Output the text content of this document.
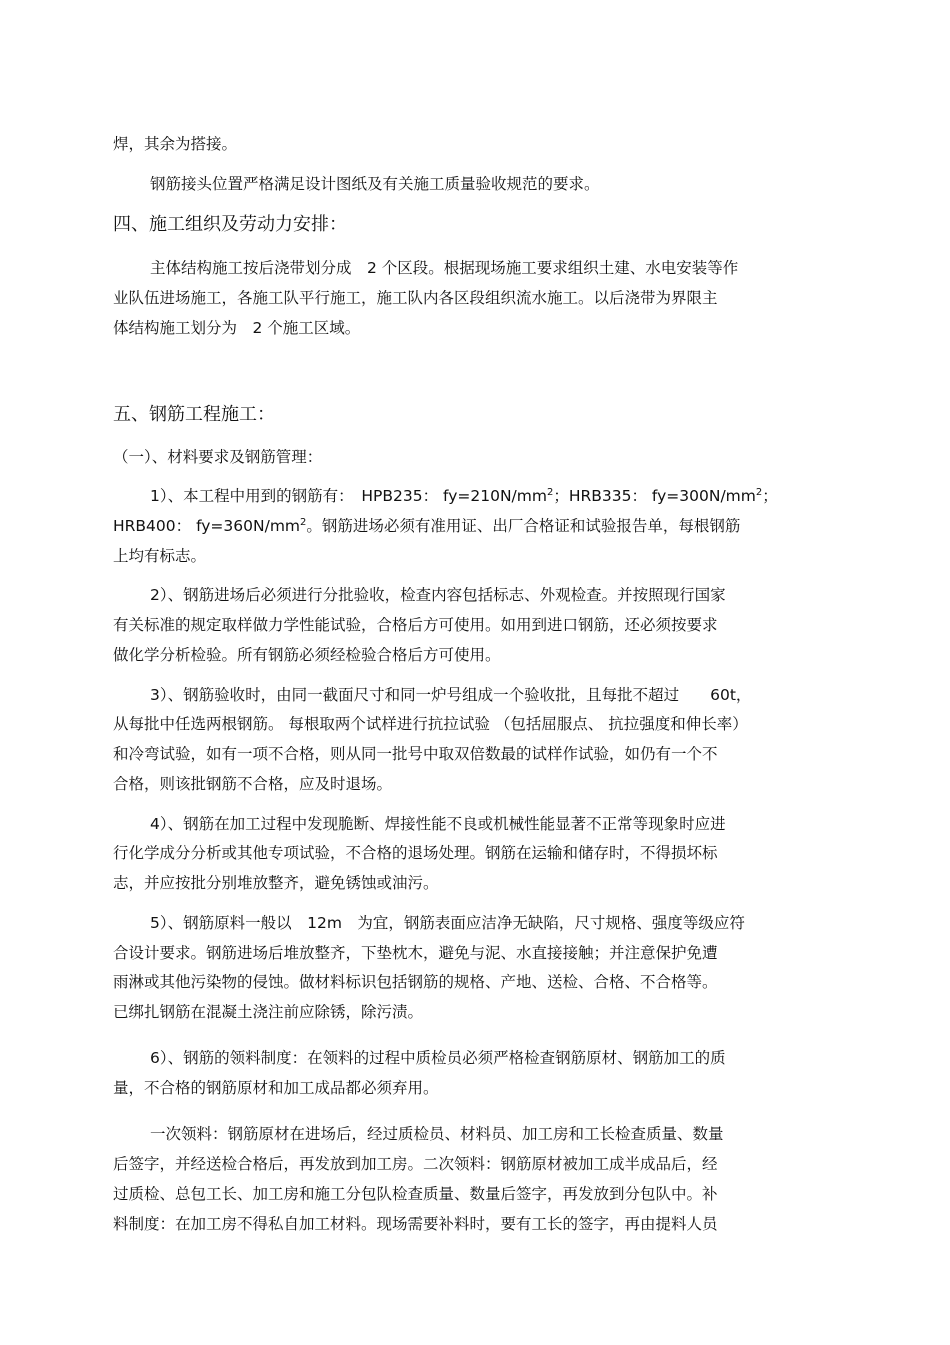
焊，其余为搭接。
钢筋接头位置严格满足设计图纸及有关施工质量验收规范的要求。
四、施工组织及劳动力安排：
主体结构施工按后浇带划分成　2 个区段。根据现场施工要求组织土建、水电安装等作
业队伍进场施工，各施工队平行施工，施工队内各区段组织流水施工。以后浇带为界限主
体结构施工划分为　2 个施工区域。
五、钢筋工程施工：
（一）、材料要求及钢筋管理：
1）、本工程中用到的钢筋有：　HPB235： $fy=210N/mm^2$；HRB335： $fy=300N/mm^2$；
HRB400： $fy=360N/mm^2$。钢筋进场必须有准用证、出厂合格证和试验报告单，每根钢筋
上均有标志。
2）、钢筋进场后必须进行分批验收，检查内容包括标志、外观检查。并按照现行国家
有关标准的规定取样做力学性能试验，合格后方可使用。如用到进口钢筋，还必须按要求
做化学分析检验。所有钢筋必须经检验合格后方可使用。
3）、钢筋验收时，由同一截面尺寸和同一炉号组成一个验收批，且每批不超过　　60t，
从每批中任选两根钢筋。 每根取两个试样进行抗拉试验 （包括屈服点、 抗拉强度和伸长率）
和冷弯试验，如有一项不合格，则从同一批号中取双倍数最的试样作试验，如仍有一个不
合格，则该批钢筋不合格，应及时退场。
4）、钢筋在加工过程中发现脆断、焊接性能不良或机械性能显著不正常等现象时应进
行化学成分分析或其他专项试验，不合格的退场处理。钢筋在运输和储存时，不得损坏标
志，并应按批分别堆放整齐，避免锈蚀或油污。
5）、钢筋原料一般以　12m　为宜，钢筋表面应洁净无缺陷，尺寸规格、强度等级应符
合设计要求。钢筋进场后堆放整齐，下垫枕木，避免与泥、水直接接触；并注意保护免遭
雨淋或其他污染物的侵蚀。做材料标识包括钢筋的规格、产地、送检、合格、不合格等。
已绑扎钢筋在混凝土浇注前应除锈，除污渍。
6）、钢筋的领料制度：在领料的过程中质检员必须严格检查钢筋原材、钢筋加工的质
量，不合格的钢筋原材和加工成品都必须弃用。
一次领料：钢筋原材在进场后，经过质检员、材料员、加工房和工长检查质量、数量
后签字，并经送检合格后，再发放到加工房。二次领料：钢筋原材被加工成半成品后，经
过质检、总包工长、加工房和施工分包队检查质量、数量后签字，再发放到分包队中。补
料制度：在加工房不得私自加工材料。现场需要补料时，要有工长的签字，再由提料人员
